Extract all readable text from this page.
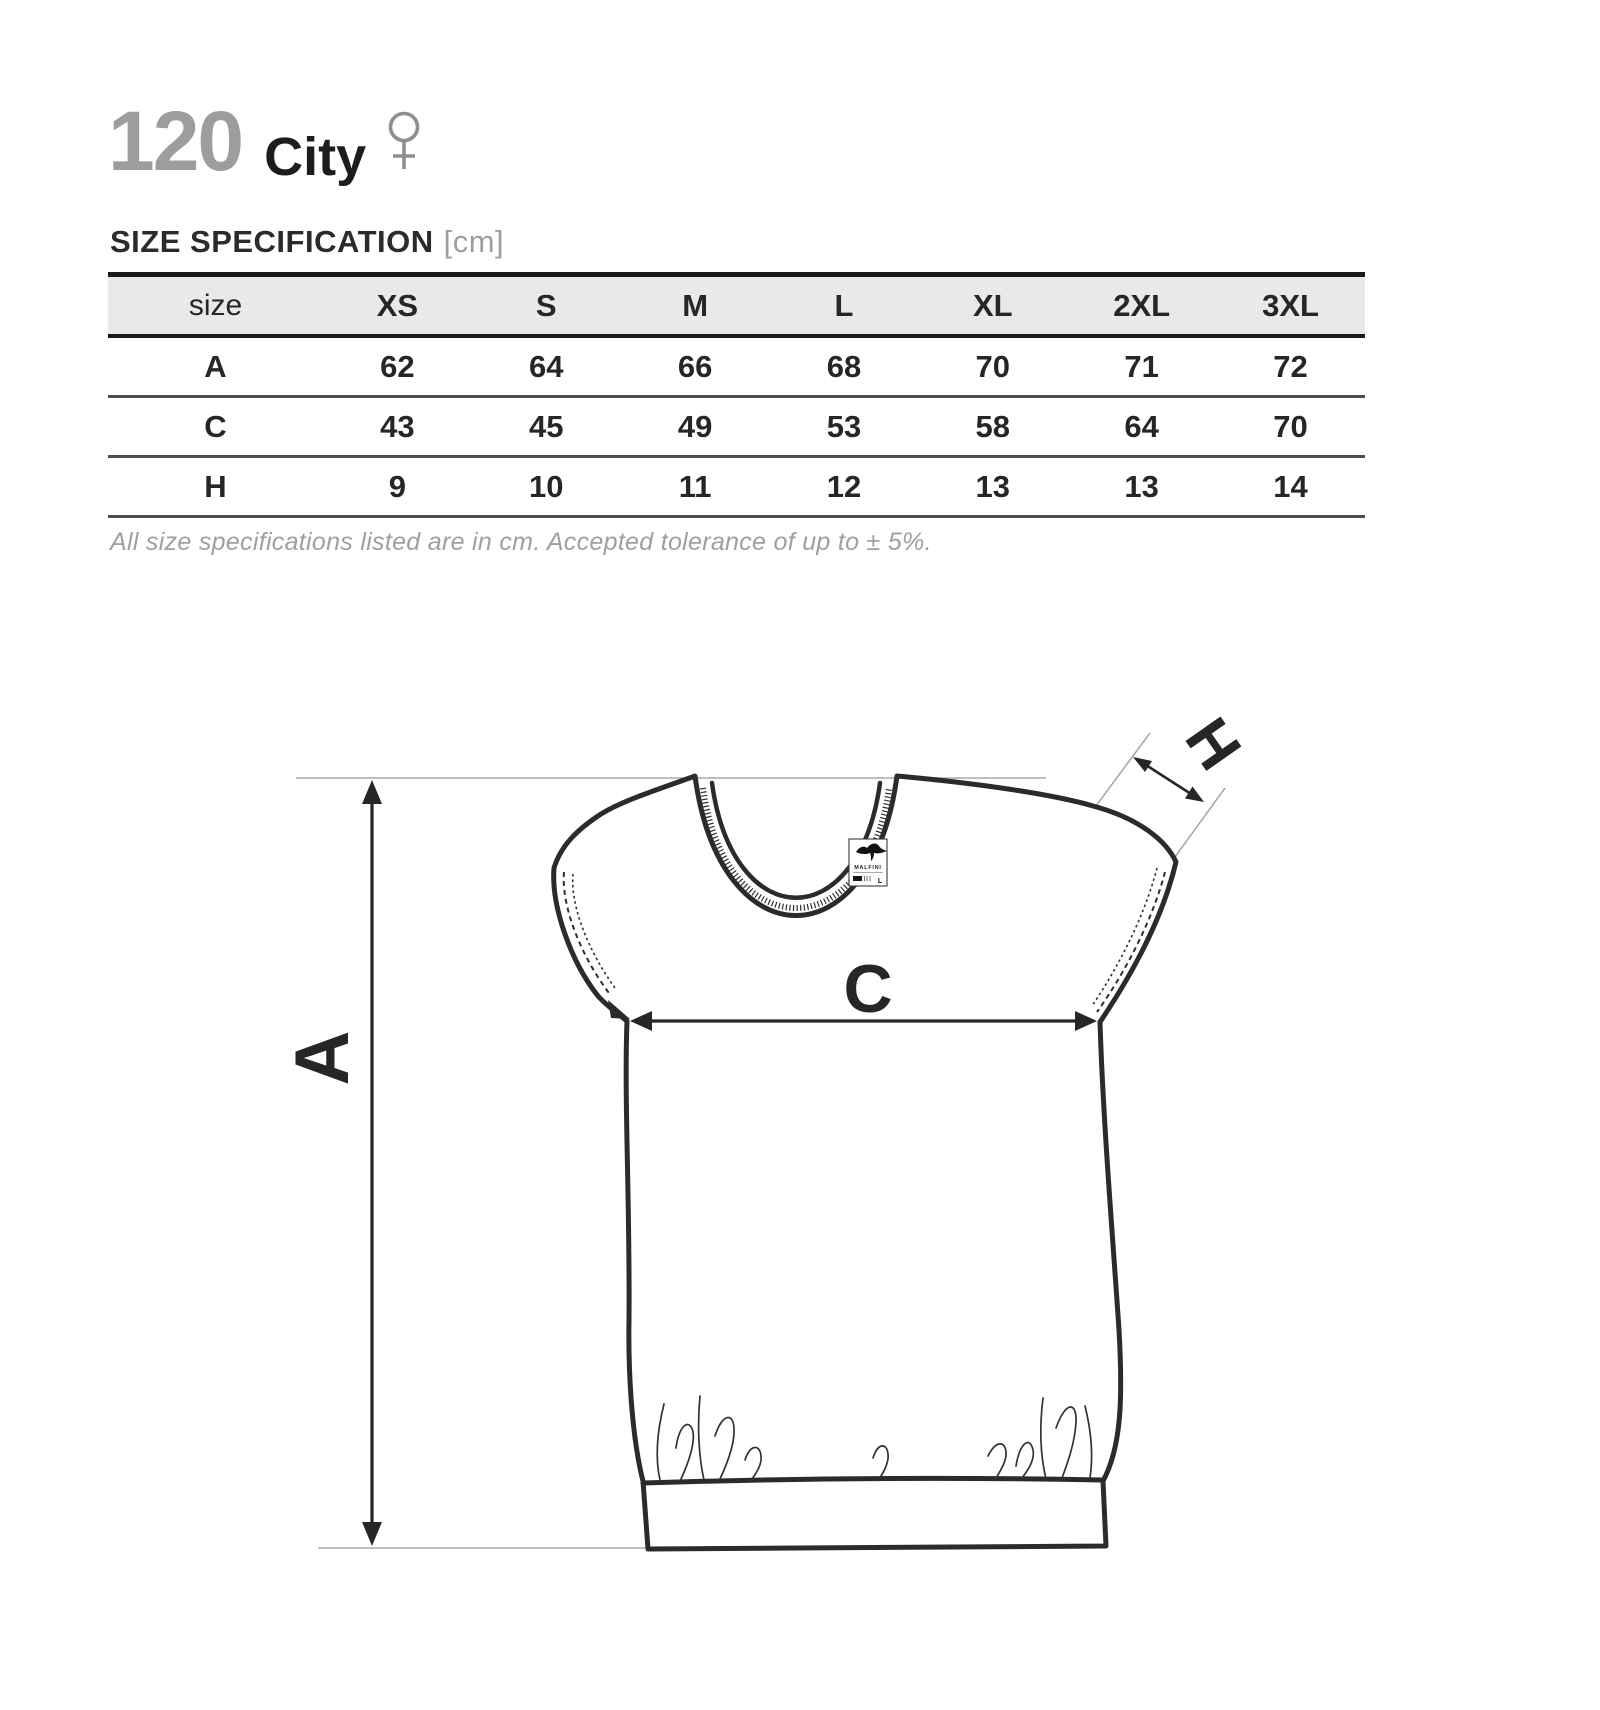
120 City
SIZE SPECIFICATION [cm]
size	XS	S	M	L	XL	2XL	3XL
A	62	64	66	68	70	71	72
C	43	45	49	53	58	64	70
H	9	10	11	12	13	13	14
All size specifications listed are in cm. Accepted tolerance of up to ± 5%.
MALFINI
L
A
C
H
